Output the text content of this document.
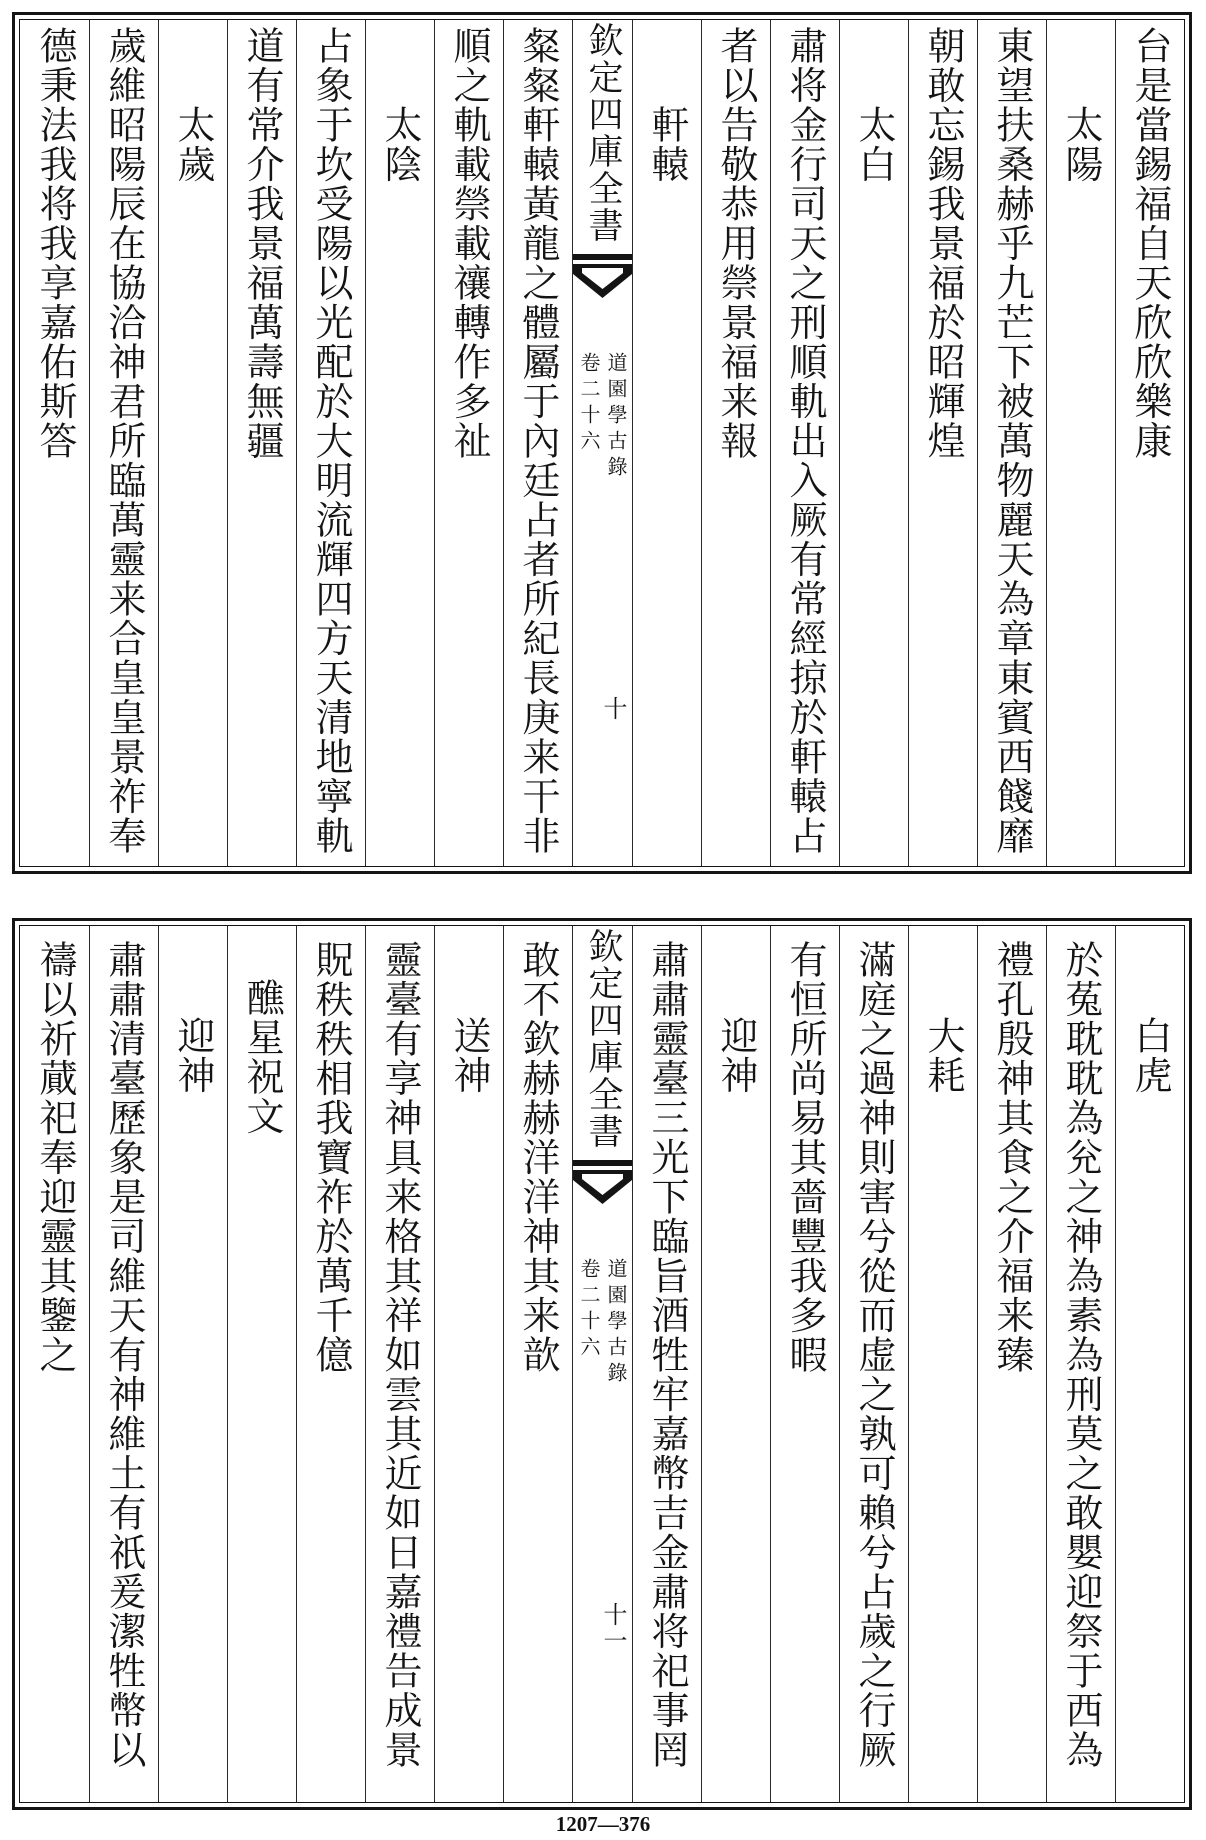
台是當錫福自天欣欣樂康
太陽
東望扶桑赫乎九芒下被萬物麗天為章東賓西餞靡
朝敢忘錫我景福於昭輝煌
太白
肅将金行司天之刑順軌出入厥有常經掠於軒轅占
者以告敬恭用禜景福来報
軒轅
欽定四庫全書
道園學古錄
卷二十六
十
粲粲軒轅黃龍之體屬于內廷占者所紀長庚来干非
順之軌載禜載禳轉作多祉
太陰
占象于坎受陽以光配於大明流輝四方天清地寧軌
道有常介我景福萬壽無疆
太歲
歲維昭陽辰在協洽神君所臨萬靈来合皇皇景祚奉
德秉法我将我享嘉佑斯答
白虎
於菟耽耽為兊之神為素為刑莫之敢嬰迎祭于西為
禮孔殷神其食之介福来臻
大耗
滿庭之過神則害兮從而虚之孰可賴兮占歲之行厥
有恒所尚易其嗇豐我多暇
迎神
肅肅靈臺三光下臨旨酒牲牢嘉幣吉金肅将祀事罔
欽定四庫全書
道園學古錄
卷二十六
十一
敢不欽赫赫洋洋神其来歆
送神
靈臺有享神具来格其祥如雲其近如日嘉禮告成景
貺秩秩相我寶祚於萬千億
醮星祝文
迎神
肅肅清臺歷象是司維天有神維土有祇爰潔牲幣以
禱以祈蕆祀奉迎靈其鑒之
1207—376
